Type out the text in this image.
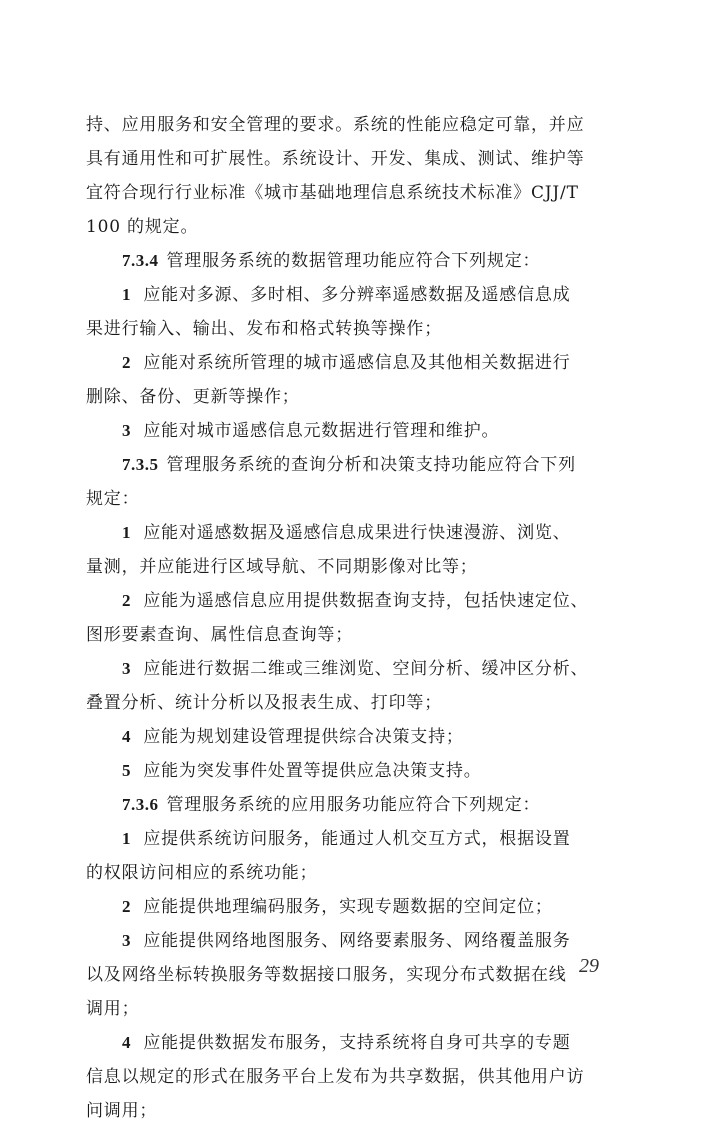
持、应用服务和安全管理的要求。系统的性能应稳定可靠，并应
具有通用性和可扩展性。系统设计、开发、集成、测试、维护等
宜符合现行行业标准《城市基础地理信息系统技术标准》CJJ/T
100 的规定。
7.3.4 管理服务系统的数据管理功能应符合下列规定：
1 应能对多源、多时相、多分辨率遥感数据及遥感信息成
果进行输入、输出、发布和格式转换等操作；
2 应能对系统所管理的城市遥感信息及其他相关数据进行
删除、备份、更新等操作；
3 应能对城市遥感信息元数据进行管理和维护。
7.3.5 管理服务系统的查询分析和决策支持功能应符合下列
规定：
1 应能对遥感数据及遥感信息成果进行快速漫游、浏览、
量测，并应能进行区域导航、不同期影像对比等；
2 应能为遥感信息应用提供数据查询支持，包括快速定位、
图形要素查询、属性信息查询等；
3 应能进行数据二维或三维浏览、空间分析、缓冲区分析、
叠置分析、统计分析以及报表生成、打印等；
4 应能为规划建设管理提供综合决策支持；
5 应能为突发事件处置等提供应急决策支持。
7.3.6 管理服务系统的应用服务功能应符合下列规定：
1 应提供系统访问服务，能通过人机交互方式，根据设置
的权限访问相应的系统功能；
2 应能提供地理编码服务，实现专题数据的空间定位；
3 应能提供网络地图服务、网络要素服务、网络覆盖服务
以及网络坐标转换服务等数据接口服务，实现分布式数据在线
调用；
4 应能提供数据发布服务，支持系统将自身可共享的专题
信息以规定的形式在服务平台上发布为共享数据，供其他用户访
问调用；
29
